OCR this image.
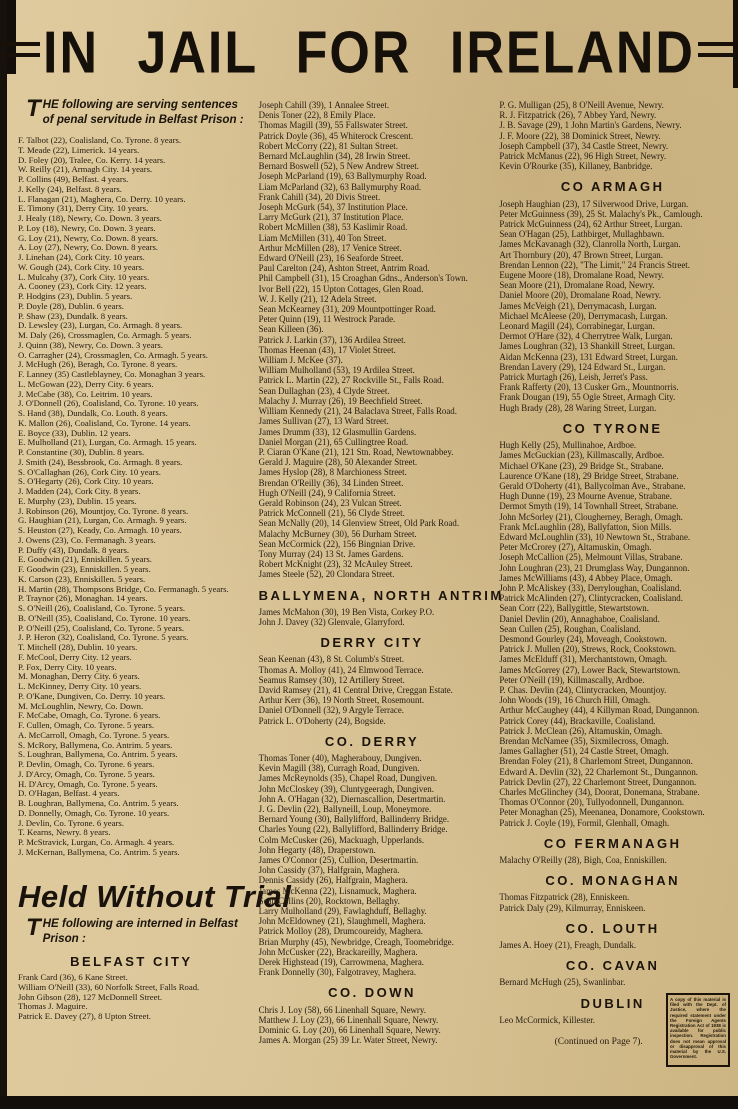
IN JAIL FOR IRELAND

THE following are serving sentences of penal servitude in Belfast Prison :

F. Talbot (22), Coalisland, Co. Tyrone. 8 years.
T. Meade (22), Limerick. 14 years.
D. Foley (20), Tralee, Co. Kerry. 14 years.
W. Reilly (21), Armagh City. 14 years.
P. Collins (49), Belfast. 4 years.
J. Kelly (24), Belfast. 8 years.
L. Flanagan (21), Maghera, Co. Derry. 10 years.
E. Timony (31), Derry City. 10 years.
J. Healy (18), Newry, Co. Down. 3 years.
P. Loy (18), Newry, Co. Down. 3 years.
G. Loy (21), Newry, Co. Down. 8 years.
A. Loy (27), Newry, Co. Down. 8 years.
J. Linehan (24), Cork City. 10 years.
W. Gough (24), Cork City. 10 years.
L. Mulcahy (37), Cork City. 10 years.
A. Cooney (23), Cork City. 12 years.
P. Hodgins (23), Dublin. 5 years.
P. Doyle (28), Dublin. 6 years.
P. Shaw (23), Dundalk. 8 years.
D. Lewsley (23), Lurgan, Co. Armagh. 8 years.
M. Daly (26), Crossmaglen, Co. Armagh. 5 years.
J. Quinn (38), Newry, Co. Down. 3 years.
O. Carragher (24), Crossmaglen, Co. Armagh. 5 years.
J. McHugh (26), Beragh, Co. Tyrone. 8 years.
F. Lanney (35) Castleblayney, Co. Monaghan 3 years.
L. McGowan (22), Derry City. 6 years.
J. McCabe (38), Co. Leitrim. 10 years.
J. O'Donnell (26), Coalisland, Co. Tyrone. 10 years.
S. Hand (38), Dundalk, Co. Louth. 8 years.
K. Mallon (26), Coalisland, Co. Tyrone. 14 years.
E. Boyce (33), Dublin. 12 years.
E. Mulholland (21), Lurgan, Co. Armagh. 15 years.
P. Constantine (30), Dublin. 8 years.
J. Smith (24), Bessbrook, Co. Armagh. 8 years.
S. O'Callaghan (26), Cork City. 10 years.
S. O'Hegarty (26), Cork City. 10 years.
J. Madden (24), Cork City. 8 years.
E. Murphy (23), Dublin. 15 years.
J. Robinson (26), Mountjoy, Co. Tyrone. 8 years.
G. Haughian (21), Lurgan, Co. Armagh. 9 years.
S. Heuston (27), Keady, Co. Armagh. 10 years.
J. Owens (23), Co. Fermanagh. 3 years.
P. Duffy (43), Dundalk. 8 years.
E. Goodwin (21), Enniskillen. 5 years.
F. Goodwin (23), Enniskillen. 5 years.
K. Carson (23), Enniskillen. 5 years.
H. Martin (28), Thompsons Bridge, Co. Fermanagh. 5 years.
P. Traynor (26), Monaghan. 14 years.
S. O'Neill (26), Coalisland, Co. Tyrone. 5 years.
B. O'Neill (35), Coalisland, Co. Tyrone. 10 years.
P. O'Neill (25), Coalisland, Co. Tyrone. 5 years.
J. P. Heron (32), Coalisland, Co. Tyrone. 5 years.
T. Mitchell (28), Dublin. 10 years.
F. McCool, Derry City. 12 years.
P. Fox, Derry City. 10 years.
M. Monaghan, Derry City. 6 years.
L. McKinney, Derry City. 10 years.
P. O'Kane, Dungiven, Co. Derry. 10 years.
M. McLoughlin, Newry, Co. Down.
F. McCabe, Omagh, Co. Tyrone. 6 years.
F. Cullen, Omagh, Co. Tyrone. 5 years.
A. McCarroll, Omagh, Co. Tyrone. 5 years.
S. McRory, Ballymena, Co. Antrim. 5 years.
S. Loughran, Ballymena, Co. Antrim. 5 years.
P. Devlin, Omagh, Co. Tyrone. 6 years.
J. D'Arcy, Omagh, Co. Tyrone. 5 years.
H. D'Arcy, Omagh, Co. Tyrone. 5 years.
D. O'Hagan, Belfast. 4 years.
B. Loughran, Ballymena, Co. Antrim. 5 years.
D. Donnelly, Omagh, Co. Tyrone. 10 years.
J. Devlin, Co. Tyrone. 6 years.
T. Kearns, Newry. 8 years.
P. McStravick, Lurgan, Co. Armagh. 4 years.
J. McKernan, Ballymena, Co. Antrim. 5 years.
Held Without Trial

THE following are interned in Belfast Prison :

BELFAST CITY
Frank Card (36), 6 Kane Street.
William O'Neill (33), 60 Norfolk Street, Falls Road.
John Gibson (28), 127 McDonnell Street.
Thomas J. Maguire.
Patrick E. Davey (27), 8 Upton Street.
Joseph Cahill (39), 1 Annalee Street.
Denis Toner (22), 8 Emily Place.
Thomas Magill (39), 55 Fallswater Street.
Patrick Doyle (36), 45 Whiterock Crescent.
Robert McCorry (22), 81 Sultan Street.
Bernard McLaughlin (34), 28 Irwin Street.
Bernard Boswell (52), 5 New Andrew Street.
Joseph McParland (19), 63 Ballymurphy Road.
Liam McParland (32), 63 Ballymurphy Road.
Frank Cahill (34), 20 Divis Street.
Joseph McGurk (54), 37 Institution Place.
Larry McGurk (21), 37 Institution Place.
Robert McMillen (38), 53 Kaslimir Road.
Liam McMillen (31), 40 Ton Street.
Arthur McMillen (28), 17 Venice Street.
Edward O'Neill (23), 16 Seaforde Street.
Paul Carelton (24), Ashton Street, Antrim Road.
Phil Campbell (31), 15 Croaghan Gdns., Anderson's Town.
Ivor Bell (22), 15 Upton Cottages, Glen Road.
W. J. Kelly (21), 12 Adela Street.
Sean McKearney (31), 209 Mountpottinger Road.
Peter Quinn (19), 11 Westrock Parade.
Sean Killeen (36).
Patrick J. Larkin (37), 136 Ardilea Street.
Thomas Heenan (43), 17 Violet Street.
William J. McKee (37).
William Mulholland (53), 19 Ardilea Street.
Patrick L. Martin (22), 27 Rockville St., Falls Road.
Sean Dullaghan (23), 4 Clyde Street.
Malachy J. Murray (26), 19 Beechfield Street.
William Kennedy (21), 24 Balaclava Street, Falls Road.
James Sullivan (27), 13 Ward Street.
James Drumm (33), 12 Glasmullin Gardens.
Daniel Morgan (21), 65 Cullingtree Road.
P. Ciaran O'Kane (21), 121 Stn. Road, Newtownabbey.
Gerald J. Maguire (28), 50 Alexander Street.
James Hyslop (28), 8 Marchioness Street.
Brendan O'Reilly (36), 34 Linden Street.
Hugh O'Neill (24), 9 California Street.
Gerald Robinson (24), 23 Vulcan Street.
Patrick McConnell (21), 56 Clyde Street.
Sean McNally (20), 14 Glenview Street, Old Park Road.
Malachy McBurney (30), 56 Durham Street.
Sean McCormick (22), 156 Bingnian Drive.
Tony Murray (24) 13 St. James Gardens.
Robert McKnight (23), 32 McAuley Street.
James Steele (52), 20 Clondara Street.
BALLYMENA, NORTH ANTRIM
James McMahon (30), 19 Ben Vista, Corkey P.O.
John J. Davey (32) Glenvale, Glarryford.
DERRY CITY
Sean Keenan (43), 8 St. Columb's Street.
Thomas A. Molloy (41), 24 Elmwood Terrace.
Seamus Ramsey (30), 12 Artillery Street.
David Ramsey (21), 41 Central Drive, Creggan Estate.
Arthur Kerr (36), 19 North Street, Rosemount.
Daniel O'Donnell (32), 9 Argyle Terrace.
Patrick L. O'Doherty (24), Bogside.
CO. DERRY
Thomas Toner (40), Magherabouy, Dungiven.
Kevin Magill (38), Curragh Road, Dungiven.
James McReynolds (35), Chapel Road, Dungiven.
John McCloskey (39), Cluntygeeragh, Dungiven.
John A. O'Hagan (32), Diernascallion, Desertmartin.
J. G. Devlin (22), Ballyneill, Loup, Moneymore.
Bernard Young (30), Ballylifford, Ballinderry Bridge.
Charles Young (22), Ballylifford, Ballinderry Bridge.
Colm McCusker (26), Mackuagh, Upperlands.
John Hegarty (48), Draperstown.
James O'Connor (25), Cullion, Desertmartin.
John Cassidy (37), Halfgrain, Maghera.
Dennis Cassidy (26), Halfgrain, Maghera.
James McKenna (22), Lisnamuck, Maghera.
Sean Collins (20), Rocktown, Bellaghy.
Larry Mulholland (29), Fawlaghduff, Bellaghy.
John McEldowney (21), Slaughmell, Maghera.
Patrick Molloy (28), Drumcoureidy, Maghera.
Brian Murphy (45), Newbridge, Creagh, Toomebridge.
John McCusker (22), Brackareilly, Maghera.
Derek Highstead (19), Carrowmena, Maghera.
Frank Donnelly (30), Falgotravey, Maghera.
CO. DOWN
Chris J. Loy (58), 66 Linenhall Square, Newry.
Matthew J. Loy (23), 66 Linenhall Square, Newry.
Dominic G. Loy (20), 66 Linenhall Square, Newry.
James A. Morgan (25) 39 Lr. Water Street, Newry.
P. G. Mulligan (25), 8 O'Neill Avenue, Newry.
R. J. Fitzpatrick (26), 7 Abbey Yard, Newry.
J. B. Savage (29), 1 John Martin's Gardens, Newry.
J. F. Moore (22), 38 Dominick Street, Newry.
Joseph Campbell (37), 34 Castle Street, Newry.
Patrick McManus (22), 96 High Street, Newry.
Kevin O'Rourke (35), Killaney, Banbridge.
CO ARMAGH
Joseph Haughian (23), 17 Silverwood Drive, Lurgan.
Peter McGuinness (39), 25 St. Malachy's Pk., Camlough.
Patrick McGuinness (24), 62 Arthur Street, Lurgan.
Sean O'Hagan (25), Lathbirget, Mullaghbawn.
James McKavanagh (32), Clanrolla North, Lurgan.
Art Thornbury (20), 47 Brown Street, Lurgan.
Brendan Lennon (22), "The Limit," 24 Francis Street.
Eugene Moore (18), Dromalane Road, Newry.
Sean Moore (21), Dromalane Road, Newry.
Daniel Moore (20), Dromalane Road, Newry.
James McVeigh (21), Derrymacash, Lurgan.
Michael McAleese (20), Derrymacash, Lurgan.
Leonard Magill (24), Corrabinegar, Lurgan.
Dermot O'Hare (32), 4 Cherrytree Walk, Lurgan.
James Loughran (32), 13 Shankill Street, Lurgan.
Aidan McKenna (23), 131 Edward Street, Lurgan.
Brendan Lavery (29), 124 Edward St., Lurgan.
Patrick Murtagh (26), Leish, Jerret's Pass.
Frank Rafferty (20), 13 Cusker Grn., Mountnorris.
Frank Dougan (19), 55 Ogle Street, Armagh City.
Hugh Brady (28), 28 Waring Street, Lurgan.
CO TYRONE
Hugh Kelly (25), Mullinahoe, Ardboe.
James McGuckian (23), Killmascally, Ardboe.
Michael O'Kane (23), 29 Bridge St., Strabane.
Laurence O'Kane (18), 29 Bridge Street, Strabane.
Gerald O'Doherty (41), Ballycolman Ave., Strabane.
Hugh Dunne (19), 23 Mourne Avenue, Strabane.
Dermot Smyth (19), 14 Townhall Street, Strabane.
John McSorley (21), Clougherney, Beragh, Omagh.
Frank McLaughlin (28), Ballyfatton, Sion Mills.
Edward McLoughlin (33), 10 Newtown St., Strabane.
Peter McCrorey (27), Altamuskin, Omagh.
Joseph McCallion (25), Melmount Villas, Strabane.
John Loughran (23), 21 Drumglass Way, Dungannon.
James McWilliams (43), 4 Abbey Place, Omagh.
John P. McAliskey (33), Derryloughan, Coalisland.
Patrick McAlinden (27), Clintycracken, Coalisland.
Sean Corr (22), Ballygittle, Stewartstown.
Daniel Devlin (20), Annaghaboe, Coalisland.
Sean Cullen (25), Roughan, Coalisland.
Desmond Gourley (24), Moveagh, Cookstown.
Patrick J. Mullen (20), Strews, Rock, Cookstown.
James McElduff (31), Merchantstown, Omagh.
James McGorrey (27), Lower Back, Stewartstown.
Peter O'Neill (19), Killmascally, Ardboe.
P. Chas. Devlin (24), Clintycracken, Mountjoy.
John Woods (19), 16 Church Hill, Omagh.
Arthur McCaughey (44), 4 Killyman Road, Dungannon.
Patrick Corey (44), Brackaville, Coalisland.
Patrick J. McClean (26), Altamuskin, Omagh.
Brendan McNamee (35), Sixmilecross, Omagh.
James Gallagher (51), 24 Castle Street, Omagh.
Brendan Foley (21), 8 Charlemont Street, Dungannon.
Edward A. Devlin (32), 22 Charlemont St., Dungannon.
Patrick Devlin (27), 22 Charlemont Street, Dungannon.
Charles McGlinchey (34), Doorat, Donemana, Strabane.
Thomas O'Connor (20), Tullyodonnell, Dungannon.
Peter Monaghan (25), Meenanea, Donamore, Cookstown.
Patrick J. Coyle (19), Formil, Glenhall, Omagh.
CO FERMANAGH
Malachy O'Reilly (28), Bigh, Coa, Enniskillen.
CO. MONAGHAN
Thomas Fitzpatrick (28), Enniskeen.
Patrick Daly (29), Kilmurray, Enniskeen.
CO. LOUTH
James A. Hoey (21), Freagh, Dundalk.
CO. CAVAN
Bernard McHugh (25), Swanlinbar.
DUBLIN
Leo McCormick, Killester.

(Continued on Page 7).

A copy of this material is filed with the Dept. of Justice, where the required statement under the Foreign Agents Registration Act of 1938 is available for public inspection. Registration does not mean approval or disapproval of this material by the U.S. Government.
